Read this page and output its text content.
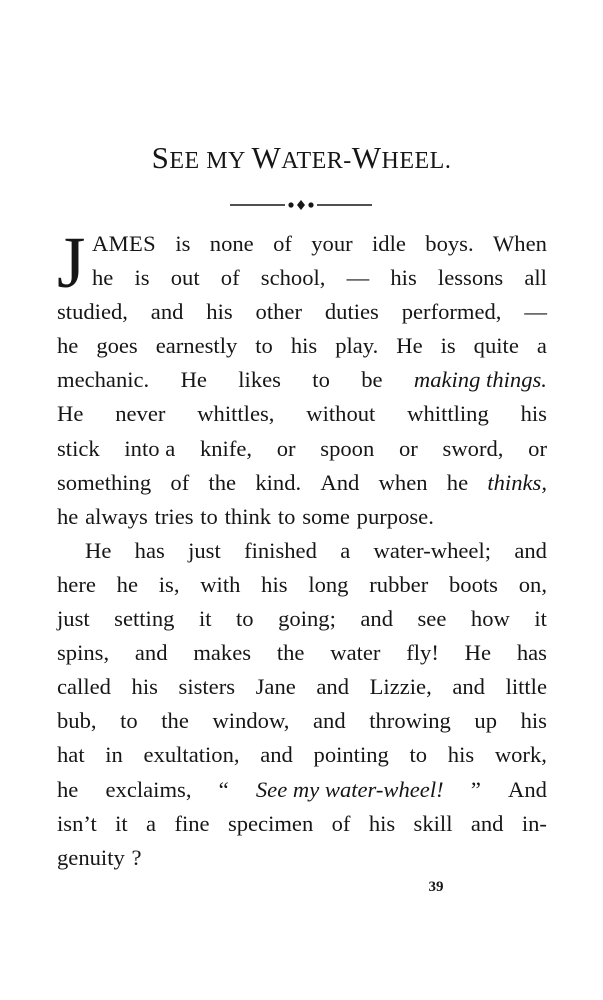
SEE MY WATER-WHEEL.
J AMES is none of your idle boys. When
he is out of school, — his lessons all
studied, and his other duties performed, —
he goes earnestly to his play. He is quite a
mechanic. He likes to be making things.
He never whittles, without whittling his
stick into a knife, or spoon or sword, or
something of the kind. And when he thinks,
he always tries to think to some purpose.
He has just finished a water-wheel; and
here he is, with his long rubber boots on,
just setting it to going; and see how it
spins, and makes the water fly! He has
called his sisters Jane and Lizzie, and little
bub, to the window, and throwing up his
hat in exultation, and pointing to his work,
he exclaims, “ See my water-wheel! ” And
isn’t it a fine specimen of his skill and in-
genuity ?
39
